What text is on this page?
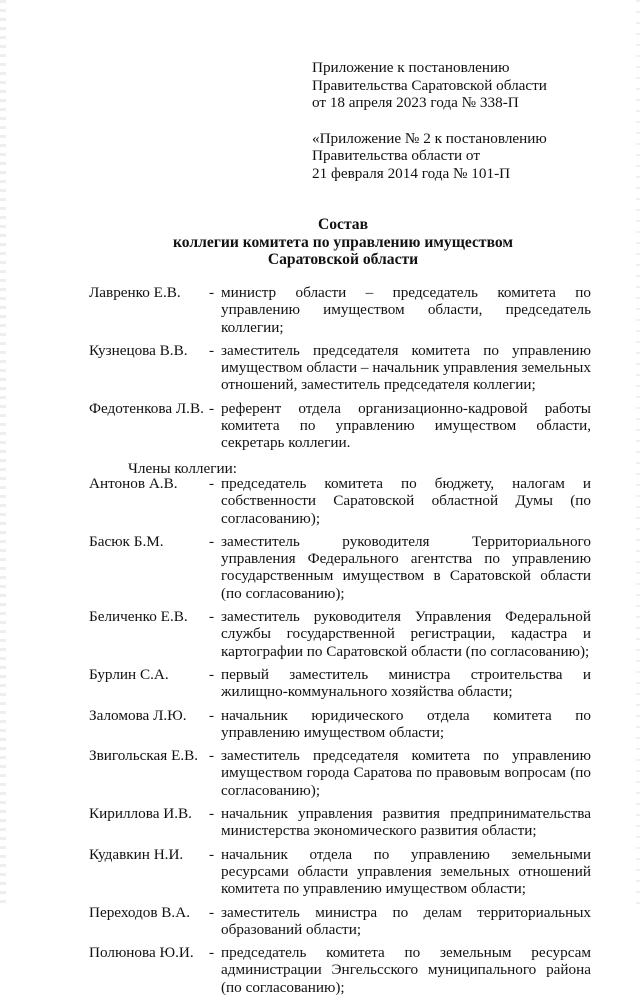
Приложение к постановлению
Правительства Саратовской области
от 18 апреля 2023 года № 338-П
«Приложение № 2 к постановлению
Правительства области от
21 февраля 2014 года № 101-П
Состав
коллегии комитета по управлению имуществом
Саратовской области
Лавренко Е.В.	- министр области – председатель комитета по управлению имуществом области, председатель коллегии;
Кузнецова В.В.	- заместитель председателя комитета по управлению имуществом области – начальник управления земельных отношений, заместитель председателя коллегии;
Федотенкова Л.В. - референт отдела организационно-кадровой работы комитета по управлению имуществом области, секретарь коллегии.
Члены коллегии:
Антонов А.В.	- председатель комитета по бюджету, налогам и собственности Саратовской областной Думы (по согласованию);
Басюк Б.М.	- заместитель руководителя Территориального управления Федерального агентства по управлению государственным имуществом в Саратовской области (по согласованию);
Беличенко Е.В.	- заместитель руководителя Управления Федеральной службы государственной регистрации, кадастра и картографии по Саратовской области (по согласованию);
Бурлин С.А.	- первый заместитель министра строительства и жилищно-коммунального хозяйства области;
Заломова Л.Ю.	- начальник юридического отдела комитета по управлению имуществом области;
Звигольская Е.В. - заместитель председателя комитета по управлению имуществом города Саратова по правовым вопросам (по согласованию);
Кириллова И.В.	- начальник управления развития предпринимательства министерства экономического развития области;
Кудавкин Н.И.	- начальник отдела по управлению земельными ресурсами области управления земельных отношений комитета по управлению имуществом области;
Переходов В.А.	- заместитель министра по делам территориальных образований области;
Полюнова Ю.И.	- председатель комитета по земельным ресурсам администрации Энгельсского муниципального района (по согласованию);
